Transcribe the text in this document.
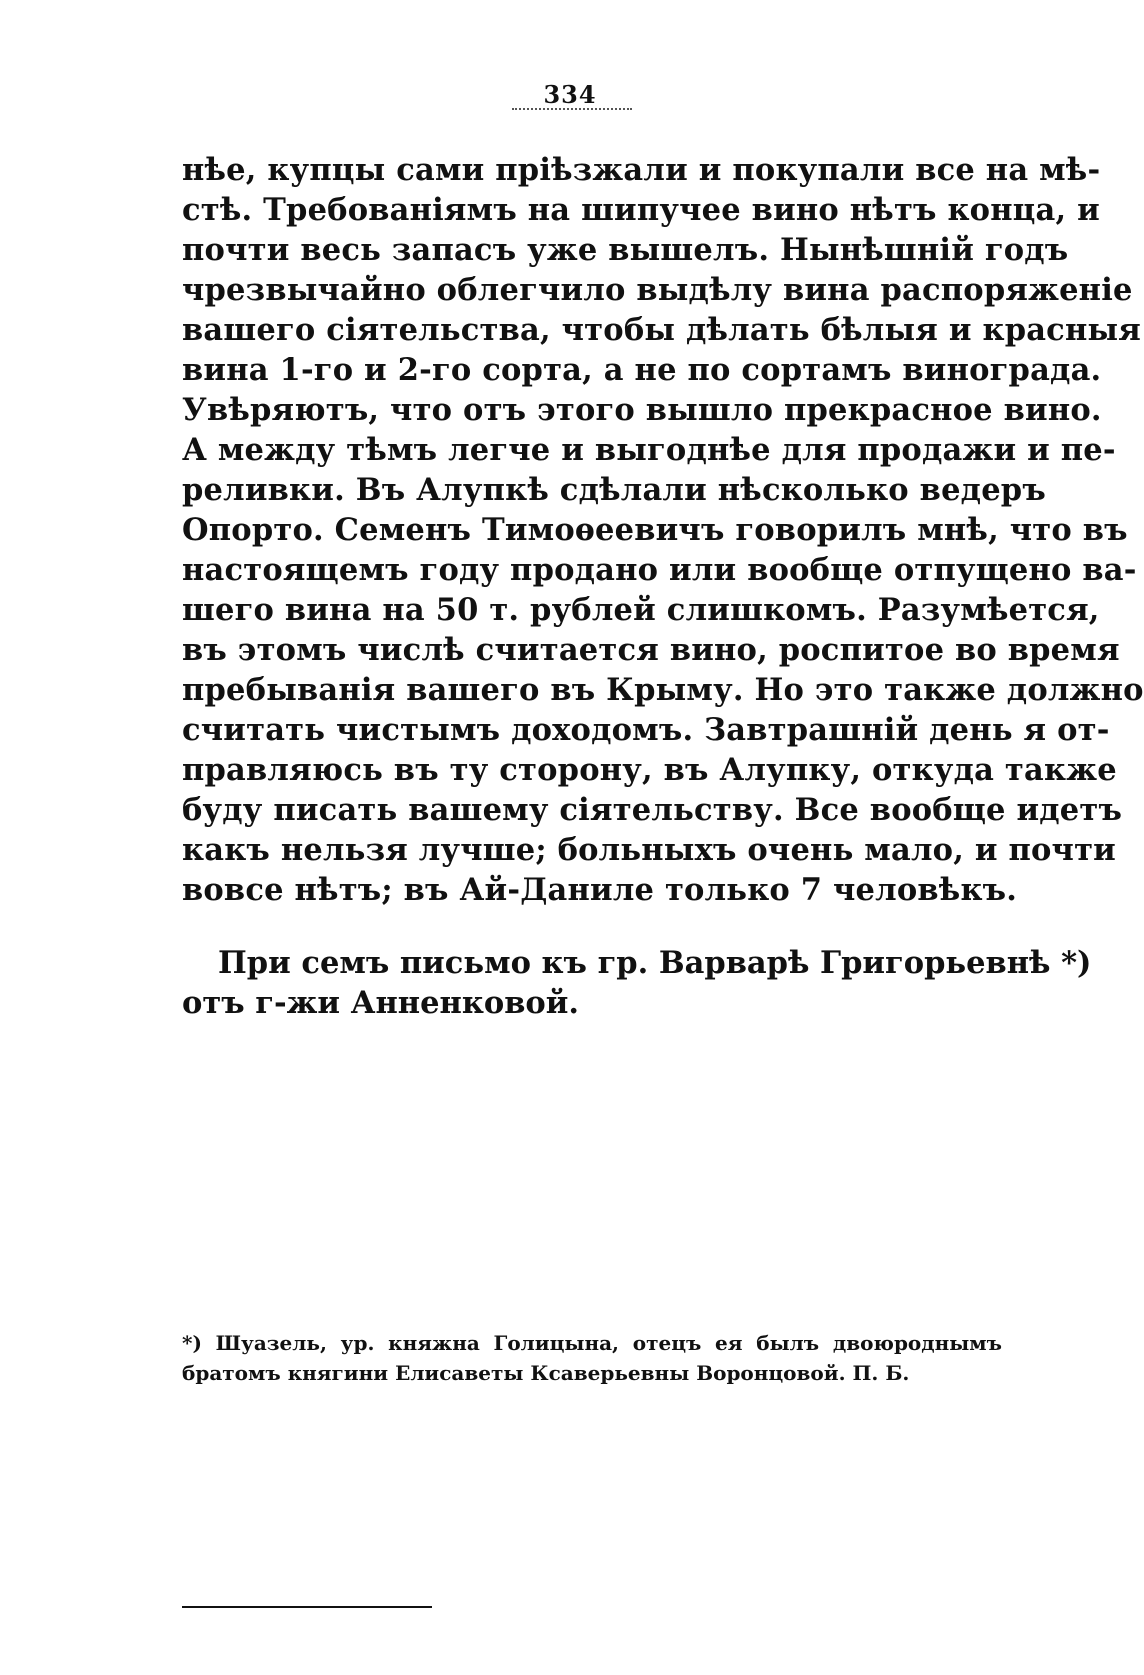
334
нѣе, купцы сами пріѣзжали и покупали все на мѣ-
стѣ. Требованіямъ на шипучее вино нѣтъ конца, и
почти весь запасъ уже вышелъ. Нынѣшній годъ
чрезвычайно облегчило выдѣлу вина распоряженіе
вашего сіятельства, чтобы дѣлать бѣлыя и красныя
вина 1-го и 2-го сорта, а не по сортамъ винограда.
Увѣряютъ, что отъ этого вышло прекрасное вино.
А между тѣмъ легче и выгоднѣе для продажи и пе-
реливки. Въ Алупкѣ сдѣлали нѣсколько ведеръ
Опорто. Семенъ Тимоѳеевичъ говорилъ мнѣ, что въ
настоящемъ году продано или вообще отпущено ва-
шего вина на 50 т. рублей слишкомъ. Разумѣется,
въ этомъ числѣ считается вино, роспитое во время
пребыванія вашего въ Крыму. Но это также должно
считать чистымъ доходомъ. Завтрашній день я от-
правляюсь въ ту сторону, въ Алупку, откуда также
буду писать вашему сіятельству. Все вообще идетъ
какъ нельзя лучше; больныхъ очень мало, и почти
вовсе нѣтъ; въ Ай-Даниле только 7 человѣкъ.
При семъ письмо къ гр. Варварѣ Григорьевнѣ *)
отъ г-жи Анненковой.
*) Шуазель, ур. княжна Голицына, отецъ ея былъ двоюроднымъ
братомъ княгини Елисаветы Ксаверьевны Воронцовой. П. Б.
